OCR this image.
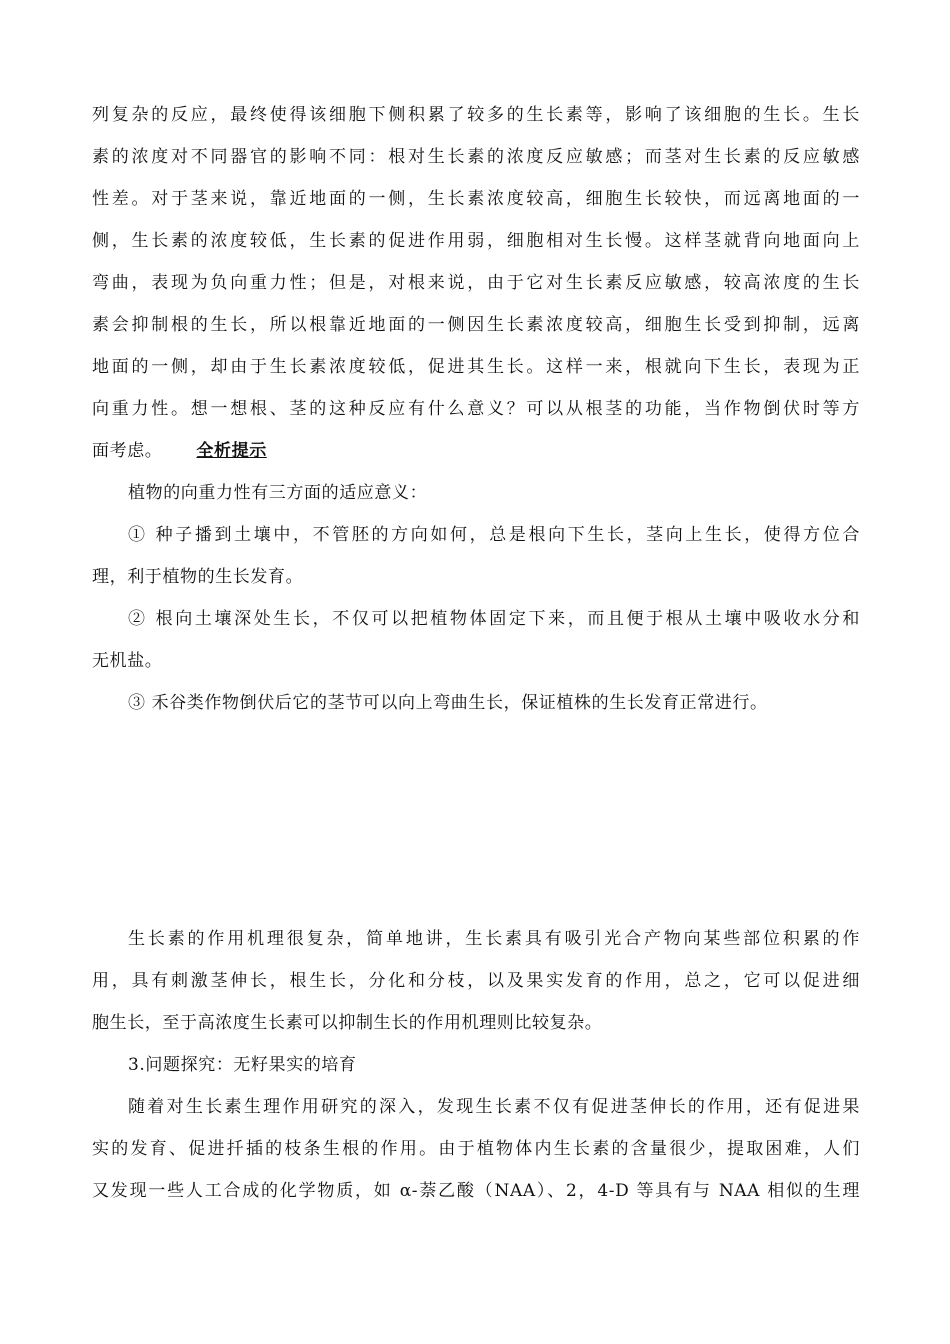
列复杂的反应，最终使得该细胞下侧积累了较多的生长素等，影响了该细胞的生长。生长
素的浓度对不同器官的影响不同：根对生长素的浓度反应敏感；而茎对生长素的反应敏感
性差。对于茎来说，靠近地面的一侧，生长素浓度较高，细胞生长较快，而远离地面的一
侧，生长素的浓度较低，生长素的促进作用弱，细胞相对生长慢。这样茎就背向地面向上
弯曲，表现为负向重力性；但是，对根来说，由于它对生长素反应敏感，较高浓度的生长
素会抑制根的生长，所以根靠近地面的一侧因生长素浓度较高，细胞生长受到抑制，远离
地面的一侧，却由于生长素浓度较低，促进其生长。这样一来，根就向下生长，表现为正
向重力性。想一想根、茎的这种反应有什么意义？可以从根茎的功能，当作物倒伏时等方
面考虑。 全析提示
植物的向重力性有三方面的适应意义：
① 种子播到土壤中，不管胚的方向如何，总是根向下生长，茎向上生长，使得方位合
理，利于植物的生长发育。
② 根向土壤深处生长，不仅可以把植物体固定下来，而且便于根从土壤中吸收水分和
无机盐。
③ 禾谷类作物倒伏后它的茎节可以向上弯曲生长，保证植株的生长发育正常进行。
生长素的作用机理很复杂，简单地讲，生长素具有吸引光合产物向某些部位积累的作
用，具有刺激茎伸长，根生长，分化和分枝，以及果实发育的作用，总之，它可以促进细
胞生长，至于高浓度生长素可以抑制生长的作用机理则比较复杂。
3.问题探究：无籽果实的培育
随着对生长素生理作用研究的深入，发现生长素不仅有促进茎伸长的作用，还有促进果
实的发育、促进扦插的枝条生根的作用。由于植物体内生长素的含量很少，提取困难，人们
又发现一些人工合成的化学物质，如 α-萘乙酸（NAA）、2，4-D 等具有与 NAA 相似的生理
